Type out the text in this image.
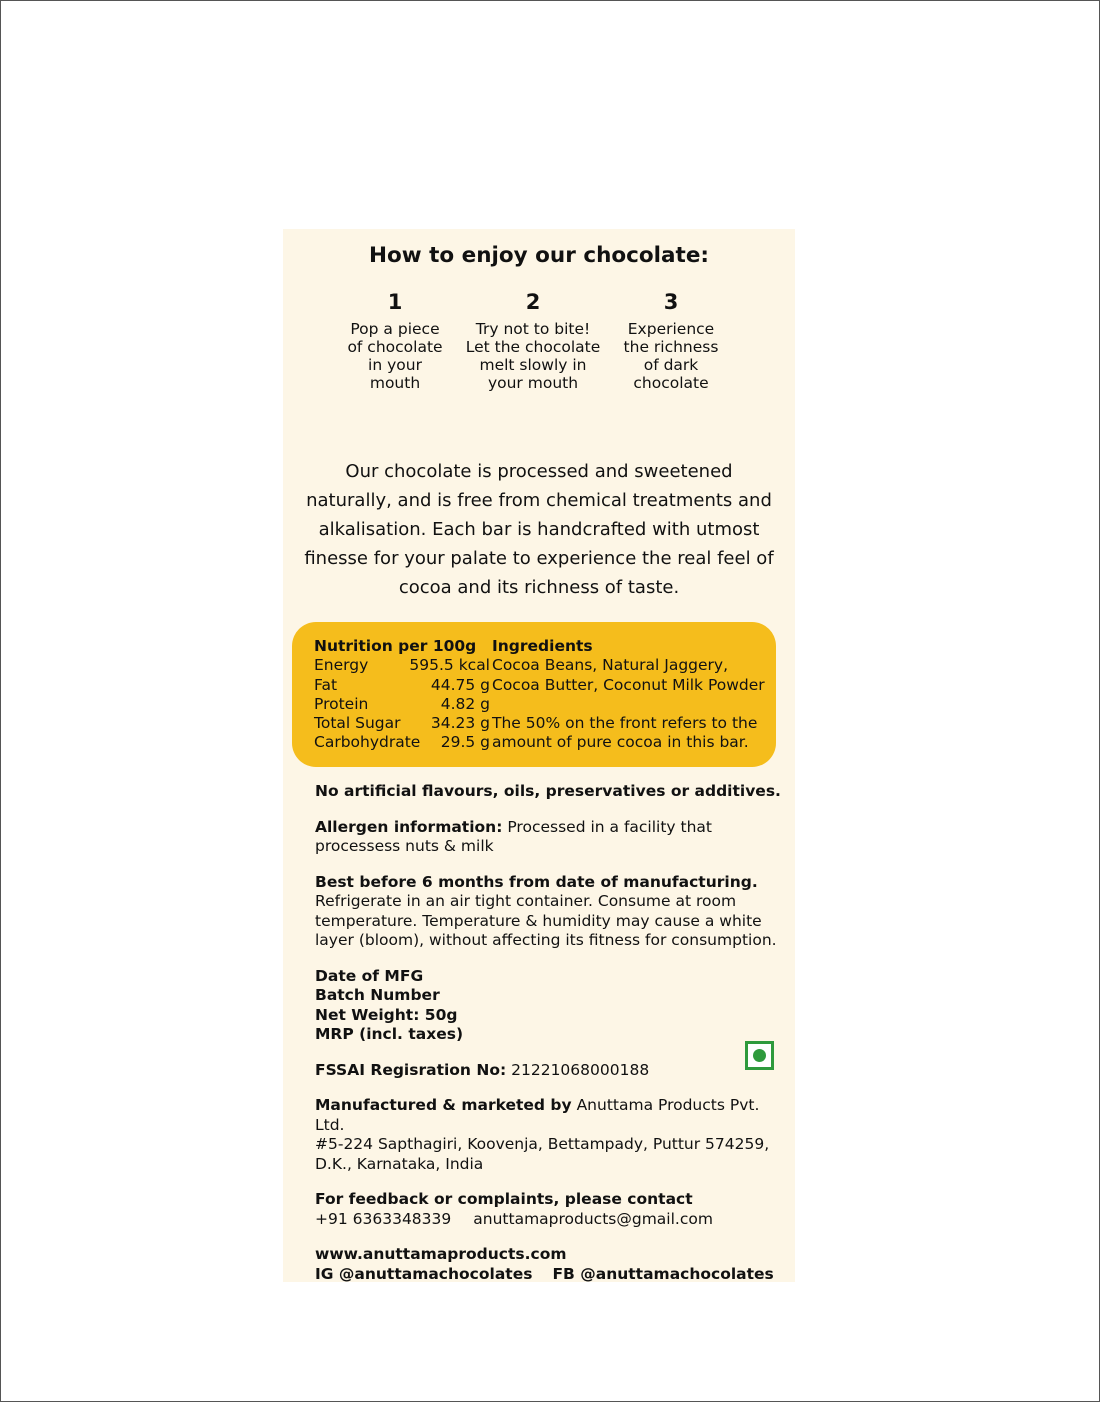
How to enjoy our chocolate:
1
Pop a piece
of chocolate
in your
mouth
2
Try not to bite!
Let the chocolate
melt slowly in
your mouth
3
Experience
the richness
of dark
chocolate
Our chocolate is processed and sweetened
naturally, and is free from chemical treatments and
alkalisation. Each bar is handcrafted with utmost
finesse for your palate to experience the real feel of
cocoa and its richness of taste.
Nutrition per 100g
Energy	595.5 kcal
Fat	44.75 g
Protein	4.82 g
Total Sugar 34.23 g
Carbohydrate 29.5 g
Ingredients
Cocoa Beans, Natural Jaggery,
Cocoa Butter, Coconut Milk Powder
The 50% on the front refers to the
amount of pure cocoa in this bar.

No artificial flavours, oils, preservatives or additives.

Allergen information: Processed in a facility that
processess nuts & milk

Best before 6 months from date of manufacturing.
Refrigerate in an air tight container. Consume at room
temperature. Temperature & humidity may cause a white
layer (bloom), without affecting its fitness for consumption.

Date of MFG
Batch Number
Net Weight: 50g
MRP (incl. taxes)

FSSAI Regisration No: 21221068000188

Manufactured & marketed by Anuttama Products Pvt. Ltd.
#5-224 Sapthagiri, Koovenja, Bettampady, Puttur 574259,
D.K., Karnataka, India

For feedback or complaints, please contact
+91 6363348339 anuttamaproducts@gmail.com

www.anuttamaproducts.com
IG @anuttamachocolates FB @anuttamachocolates
